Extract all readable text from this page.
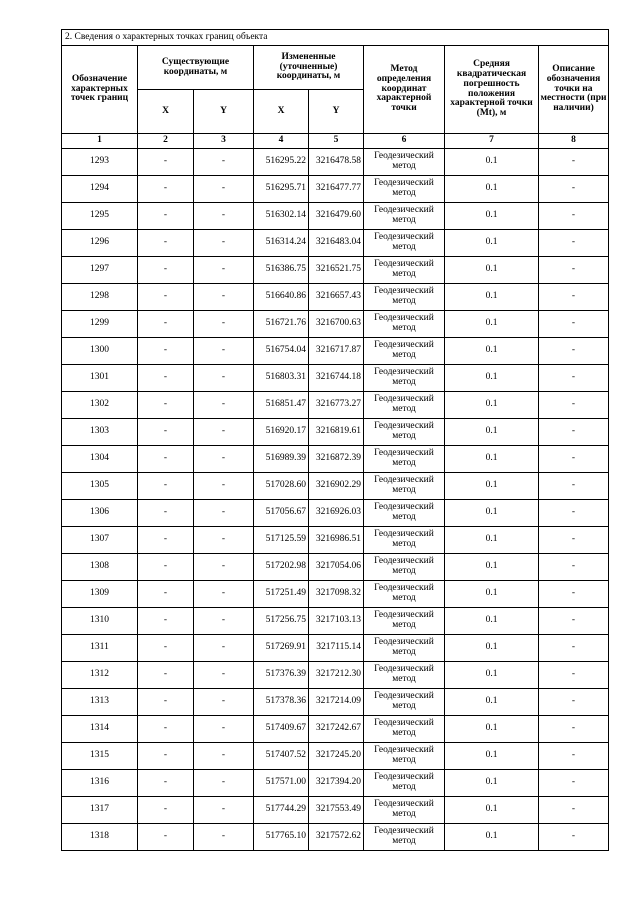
2. Сведения о характерных точках границ объекта							
Обозначение характерных точек границ	Существующие координаты, м		Измененные (уточненные) координаты, м		Метод определения координат характерной точки	Средняя квадратическая погрешность положения характерной точки (Mt), м	Описание обозначения точки на местности (при наличии)
	X	Y	X	Y			
1	2	3	4	5	6	7	8
1293	-	-	516295.22	3216478.58	Геодезический метод	0.1	-
1294	-	-	516295.71	3216477.77	Геодезический метод	0.1	-
1295	-	-	516302.14	3216479.60	Геодезический метод	0.1	-
1296	-	-	516314.24	3216483.04	Геодезический метод	0.1	-
1297	-	-	516386.75	3216521.75	Геодезический метод	0.1	-
1298	-	-	516640.86	3216657.43	Геодезический метод	0.1	-
1299	-	-	516721.76	3216700.63	Геодезический метод	0.1	-
1300	-	-	516754.04	3216717.87	Геодезический метод	0.1	-
1301	-	-	516803.31	3216744.18	Геодезический метод	0.1	-
1302	-	-	516851.47	3216773.27	Геодезический метод	0.1	-
1303	-	-	516920.17	3216819.61	Геодезический метод	0.1	-
1304	-	-	516989.39	3216872.39	Геодезический метод	0.1	-
1305	-	-	517028.60	3216902.29	Геодезический метод	0.1	-
1306	-	-	517056.67	3216926.03	Геодезический метод	0.1	-
1307	-	-	517125.59	3216986.51	Геодезический метод	0.1	-
1308	-	-	517202.98	3217054.06	Геодезический метод	0.1	-
1309	-	-	517251.49	3217098.32	Геодезический метод	0.1	-
1310	-	-	517256.75	3217103.13	Геодезический метод	0.1	-
1311	-	-	517269.91	3217115.14	Геодезический метод	0.1	-
1312	-	-	517376.39	3217212.30	Геодезический метод	0.1	-
1313	-	-	517378.36	3217214.09	Геодезический метод	0.1	-
1314	-	-	517409.67	3217242.67	Геодезический метод	0.1	-
1315	-	-	517407.52	3217245.20	Геодезический метод	0.1	-
1316	-	-	517571.00	3217394.20	Геодезический метод	0.1	-
1317	-	-	517744.29	3217553.49	Геодезический метод	0.1	-
1318	-	-	517765.10	3217572.62	Геодезический метод	0.1	-
